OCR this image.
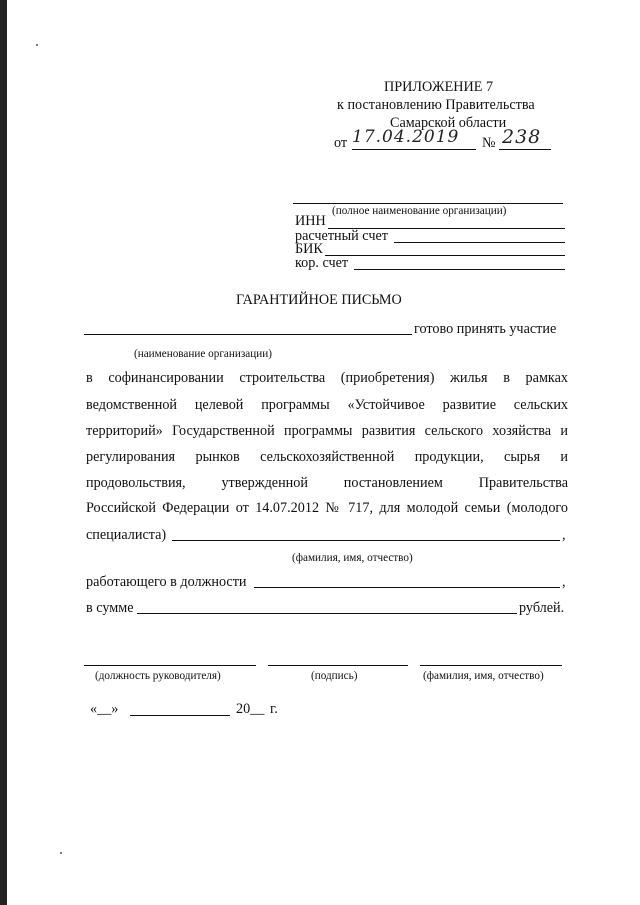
ПРИЛОЖЕНИЕ 7
к постановлению Правительства
Самарской области
от 17.04.2019 № 238
(полное наименование организации)
ИНН
расчетный счет
БИК
кор. счет
ГАРАНТИЙНОЕ ПИСЬМО
готово принять участие
(наименование организации)
в софинансировании строительства (приобретения) жилья в рамках
ведомственной целевой программы «Устойчивое развитие сельских
территорий» Государственной программы развития сельского хозяйства и
регулирования рынков сельскохозяйственной продукции, сырья и
продовольствия, утвержденной постановлением Правительства
Российской Федерации от 14.07.2012 № 717, для молодой семьи (молодого
специалиста)	,
(фамилия, имя, отчество)
работающего в должности	,
в сумме	рублей.
(должность руководителя)	(подпись)	(фамилия, имя, отчество)
«__»	20__ г.
